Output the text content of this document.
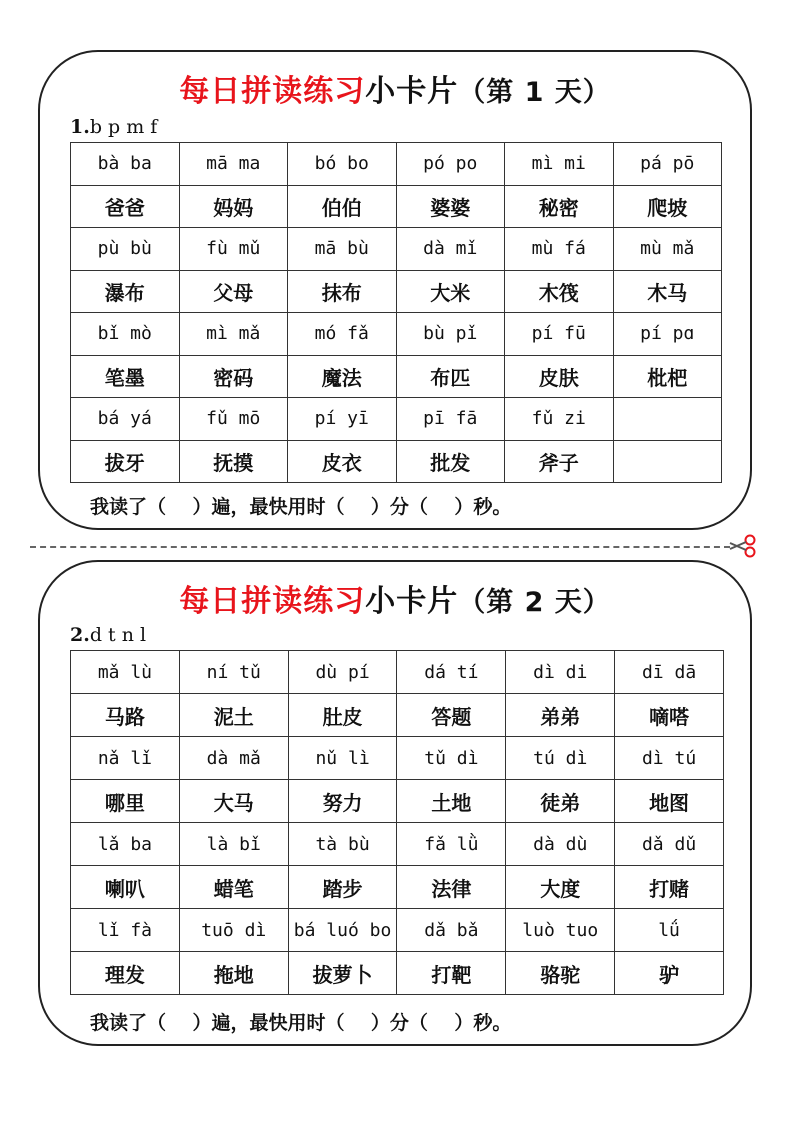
每日拼读练习小卡片（第 1 天）
1.b p m f
bà ba	mā ma	bó bo	pó po	mì mi	pá pō
爸爸	妈妈	伯伯	婆婆	秘密	爬坡
pù bù	fù mǔ	mā bù	dà mǐ	mù fá	mù mǎ
瀑布	父母	抹布	大米	木筏	木马
bǐ mò	mì mǎ	mó fǎ	bù pǐ	pí fū	pí pɑ
笔墨	密码	魔法	布匹	皮肤	枇杷
bá yá	fǔ mō	pí yī	pī fā	fǔ zi	
拔牙	抚摸	皮衣	批发	斧子	
我读了（    ）遍，最快用时（    ）分（    ）秒。
每日拼读练习小卡片（第 2 天）
2.d t n l
mǎ lù	ní tǔ	dù pí	dá tí	dì di	dī dā
马路	泥土	肚皮	答题	弟弟	嘀嗒
nǎ lǐ	dà mǎ	nǔ lì	tǔ dì	tú dì	dì tú
哪里	大马	努力	土地	徒弟	地图
lǎ ba	là bǐ	tà bù	fǎ lǜ	dà dù	dǎ dǔ
喇叭	蜡笔	踏步	法律	大度	打赌
lǐ fà	tuō dì	bá luó bo	dǎ bǎ	luò tuo	lǘ
理发	拖地	拔萝卜	打靶	骆驼	驴
我读了（    ）遍，最快用时（    ）分（    ）秒。
